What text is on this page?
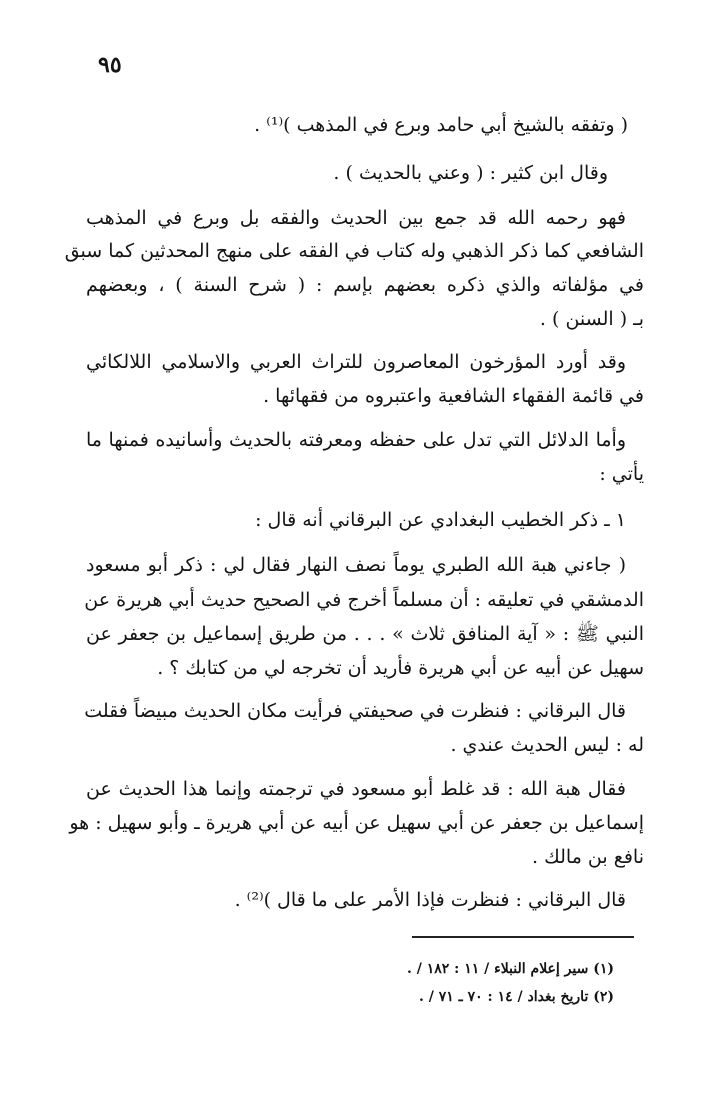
٩٥
( وتفقه بالشيخ أبي حامد وبرع في المذهب )⁽¹⁾ .
وقال ابن كثير : ( وعني بالحديث ) .
فهو رحمه الله قد جمع بين الحديث والفقه بل وبرع في المذهب
الشافعي كما ذكر الذهبي وله كتاب في الفقه على منهج المحدثين كما سبق
في مؤلفاته والذي ذكره بعضهم بإسم : ( شرح السنة ) ، وبعضهم
بـ ( السنن ) .
وقد أورد المؤرخون المعاصرون للتراث العربي والاسلامي اللالكائي
في قائمة الفقهاء الشافعية واعتبروه من فقهائها .
وأما الدلائل التي تدل على حفظه ومعرفته بالحديث وأسانيده فمنها ما
يأتي :
١ ـ ذكر الخطيب البغدادي عن البرقاني أنه قال :
( جاءني هبة الله الطبري يوماً نصف النهار فقال لي : ذكر أبو مسعود
الدمشقي في تعليقه : أن مسلماً أخرج في الصحيح حديث أبي هريرة عن
النبي ﷺ : « آية المنافق ثلاث » . . . من طريق إسماعيل بن جعفر عن
سهيل عن أبيه عن أبي هريرة فأريد أن تخرجه لي من كتابك ؟ .
قال البرقاني : فنظرت في صحيفتي فرأيت مكان الحديث مبيضاً فقلت
له : ليس الحديث عندي .
فقال هبة الله : قد غلط أبو مسعود في ترجمته وإنما هذا الحديث عن
إسماعيل بن جعفر عن أبي سهيل عن أبيه عن أبي هريرة ـ وأبو سهيل : هو
نافع بن مالك .
قال البرقاني : فنظرت فإذا الأمر على ما قال )⁽²⁾ .
(١) سير إعلام النبلاء / ١١ : ١٨٢ / .
(٢) تاريخ بغداد / ١٤ : ٧٠ ـ ٧١ / .
